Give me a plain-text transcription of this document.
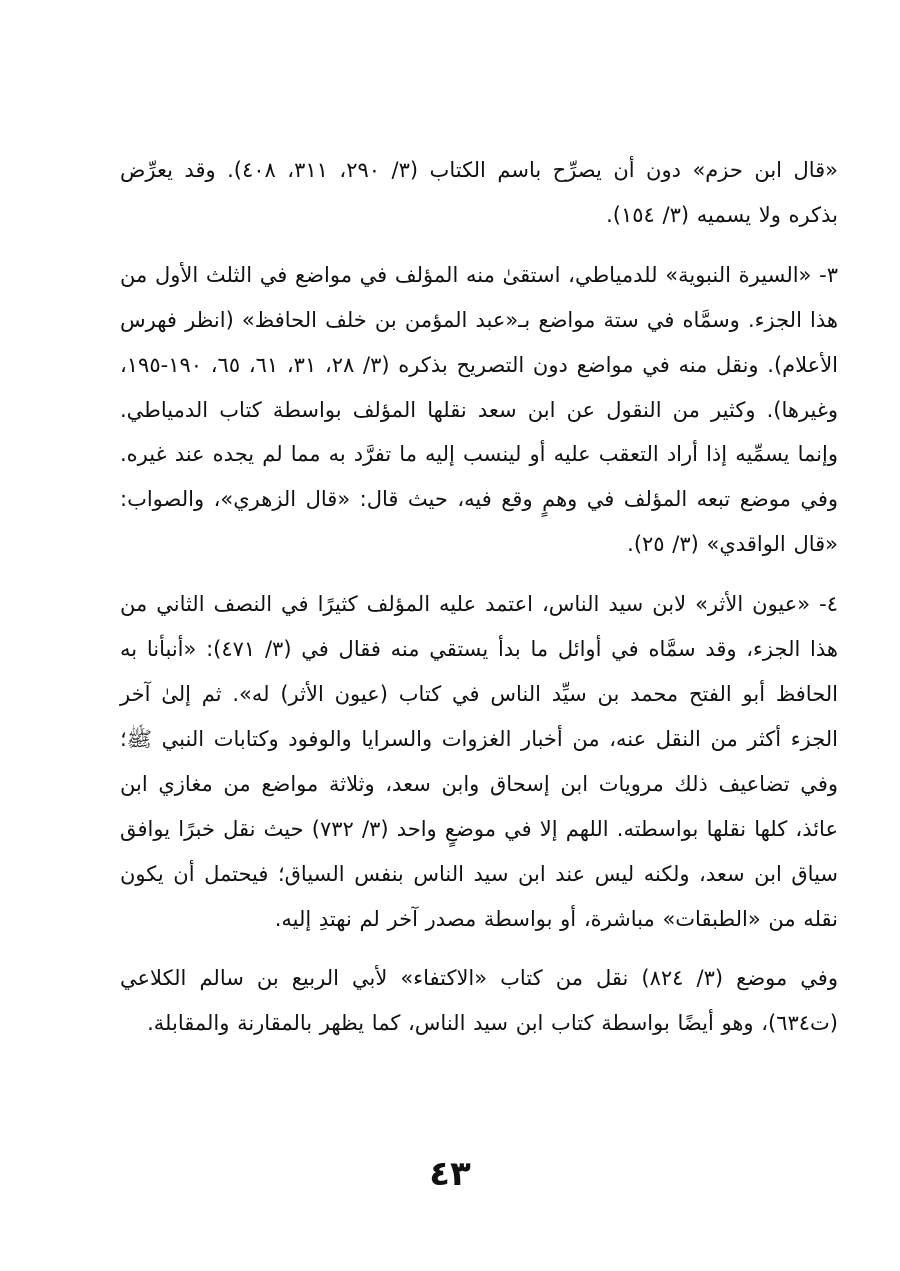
«قال ابن حزم» دون أن يصرِّح باسم الكتاب (٣/ ٢٩٠، ٣١١، ٤٠٨). وقد يعرِّض بذكره ولا يسميه (٣/ ١٥٤).

٣- «السيرة النبوية» للدمياطي، استقىٰ منه المؤلف في مواضع في الثلث الأول من هذا الجزء. وسمَّاه في ستة مواضع بـ«عبد المؤمن بن خلف الحافظ» (انظر فهرس الأعلام). ونقل منه في مواضع دون التصريح بذكره (٣/ ٢٨، ٣١، ٦١، ٦٥، ١٩٠-١٩٥، وغيرها). وكثير من النقول عن ابن سعد نقلها المؤلف بواسطة كتاب الدمياطي. وإنما يسمِّيه إذا أراد التعقب عليه أو لينسب إليه ما تفرَّد به مما لم يجده عند غيره. وفي موضع تبعه المؤلف في وهمٍ وقع فيه، حيث قال: «قال الزهري»، والصواب: «قال الواقدي» (٣/ ٢٥).

٤- «عيون الأثر» لابن سيد الناس، اعتمد عليه المؤلف كثيرًا في النصف الثاني من هذا الجزء، وقد سمَّاه في أوائل ما بدأ يستقي منه فقال في (٣/ ٤٧١): «أنبأنا به الحافظ أبو الفتح محمد بن سيِّد الناس في كتاب (عيون الأثر) له». ثم إلىٰ آخر الجزء أكثر من النقل عنه، من أخبار الغزوات والسرايا والوفود وكتابات النبي ﷺ؛ وفي تضاعيف ذلك مرويات ابن إسحاق وابن سعد، وثلاثة مواضع من مغازي ابن عائذ، كلها نقلها بواسطته. اللهم إلا في موضعٍ واحد (٣/ ٧٣٢) حيث نقل خبرًا يوافق سياق ابن سعد، ولكنه ليس عند ابن سيد الناس بنفس السياق؛ فيحتمل أن يكون نقله من «الطبقات» مباشرة، أو بواسطة مصدر آخر لم نهتدِ إليه.

وفي موضع (٣/ ٨٢٤) نقل من كتاب «الاكتفاء» لأبي الربيع بن سالم الكلاعي (ت٦٣٤)، وهو أيضًا بواسطة كتاب ابن سيد الناس، كما يظهر بالمقارنة والمقابلة.

٤٣
